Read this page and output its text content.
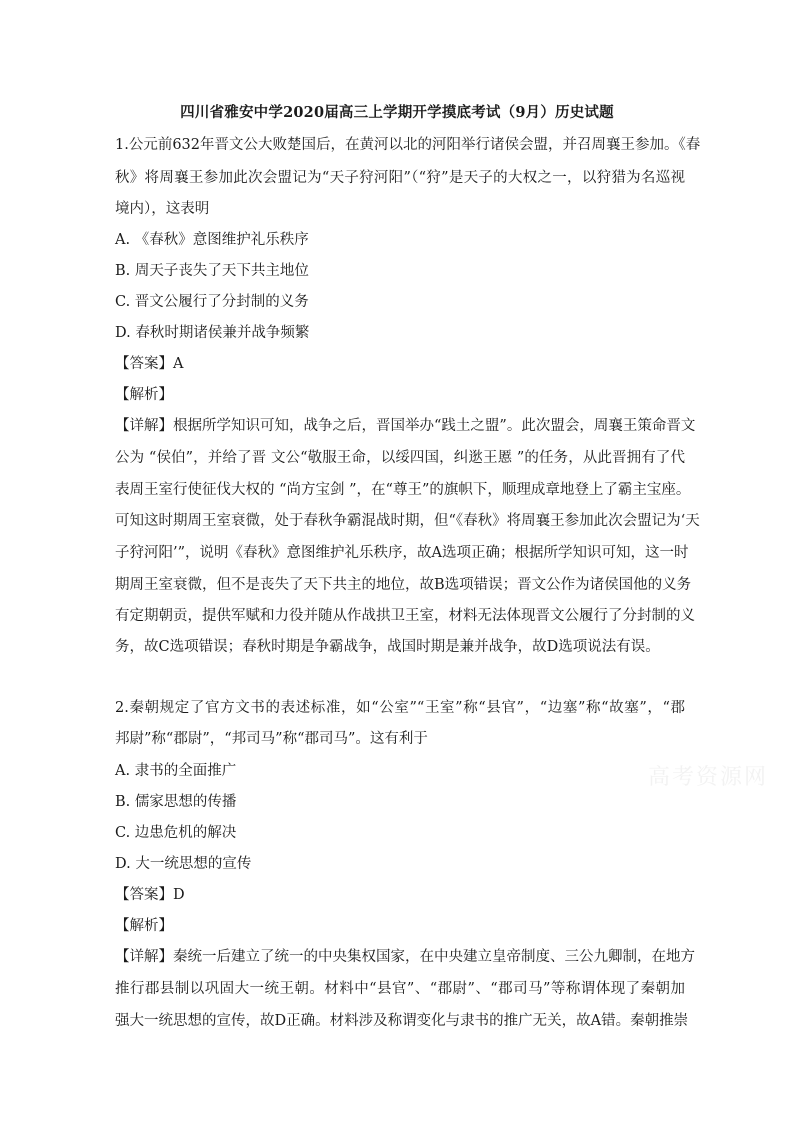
高考资源网
四川省雅安中学2020届高三上学期开学摸底考试（9月）历史试题
1.公元前632年晋文公大败楚国后，在黄河以北的河阳举行诸侯会盟，并召周襄王参加。《春
秋》将周襄王参加此次会盟记为“天子狩河阳”（“狩”是天子的大权之一，以狩猎为名巡视
境内），这表明
A. 《春秋》意图维护礼乐秩序
B. 周天子丧失了天下共主地位
C. 晋文公履行了分封制的义务
D. 春秋时期诸侯兼并战争频繁
【答案】A
【解析】
【详解】根据所学知识可知，战争之后，晋国举办“践土之盟”。此次盟会，周襄王策命晋文
公为 “侯伯”，并给了晋 文公“敬服王命，以绥四国，纠逖王慝 ”的任务，从此晋拥有了代
表周王室行使征伐大权的 “尚方宝剑 ”，在“尊王”的旗帜下，顺理成章地登上了霸主宝座。
可知这时期周王室衰微，处于春秋争霸混战时期，但“《春秋》将周襄王参加此次会盟记为‘天
子狩河阳’”，说明《春秋》意图维护礼乐秩序，故A选项正确；根据所学知识可知，这一时
期周王室衰微，但不是丧失了天下共主的地位，故B选项错误；晋文公作为诸侯国他的义务
有定期朝贡，提供军赋和力役并随从作战拱卫王室，材料无法体现晋文公履行了分封制的义
务，故C选项错误；春秋时期是争霸战争，战国时期是兼并战争，故D选项说法有误。
2.秦朝规定了官方文书的表述标准，如“公室”“王室”称“县官”，“边塞”称“故塞”，“郡
邦尉”称“郡尉”，“邦司马”称“郡司马”。这有利于
A. 隶书的全面推广
B. 儒家思想的传播
C. 边患危机的解决
D. 大一统思想的宣传
【答案】D
【解析】
【详解】秦统一后建立了统一的中央集权国家，在中央建立皇帝制度、三公九卿制，在地方
推行郡县制以巩固大一统王朝。材料中“县官”、“郡尉”、“郡司马”等称谓体现了秦朝加
强大一统思想的宣传，故D正确。材料涉及称谓变化与隶书的推广无关，故A错。秦朝推崇
